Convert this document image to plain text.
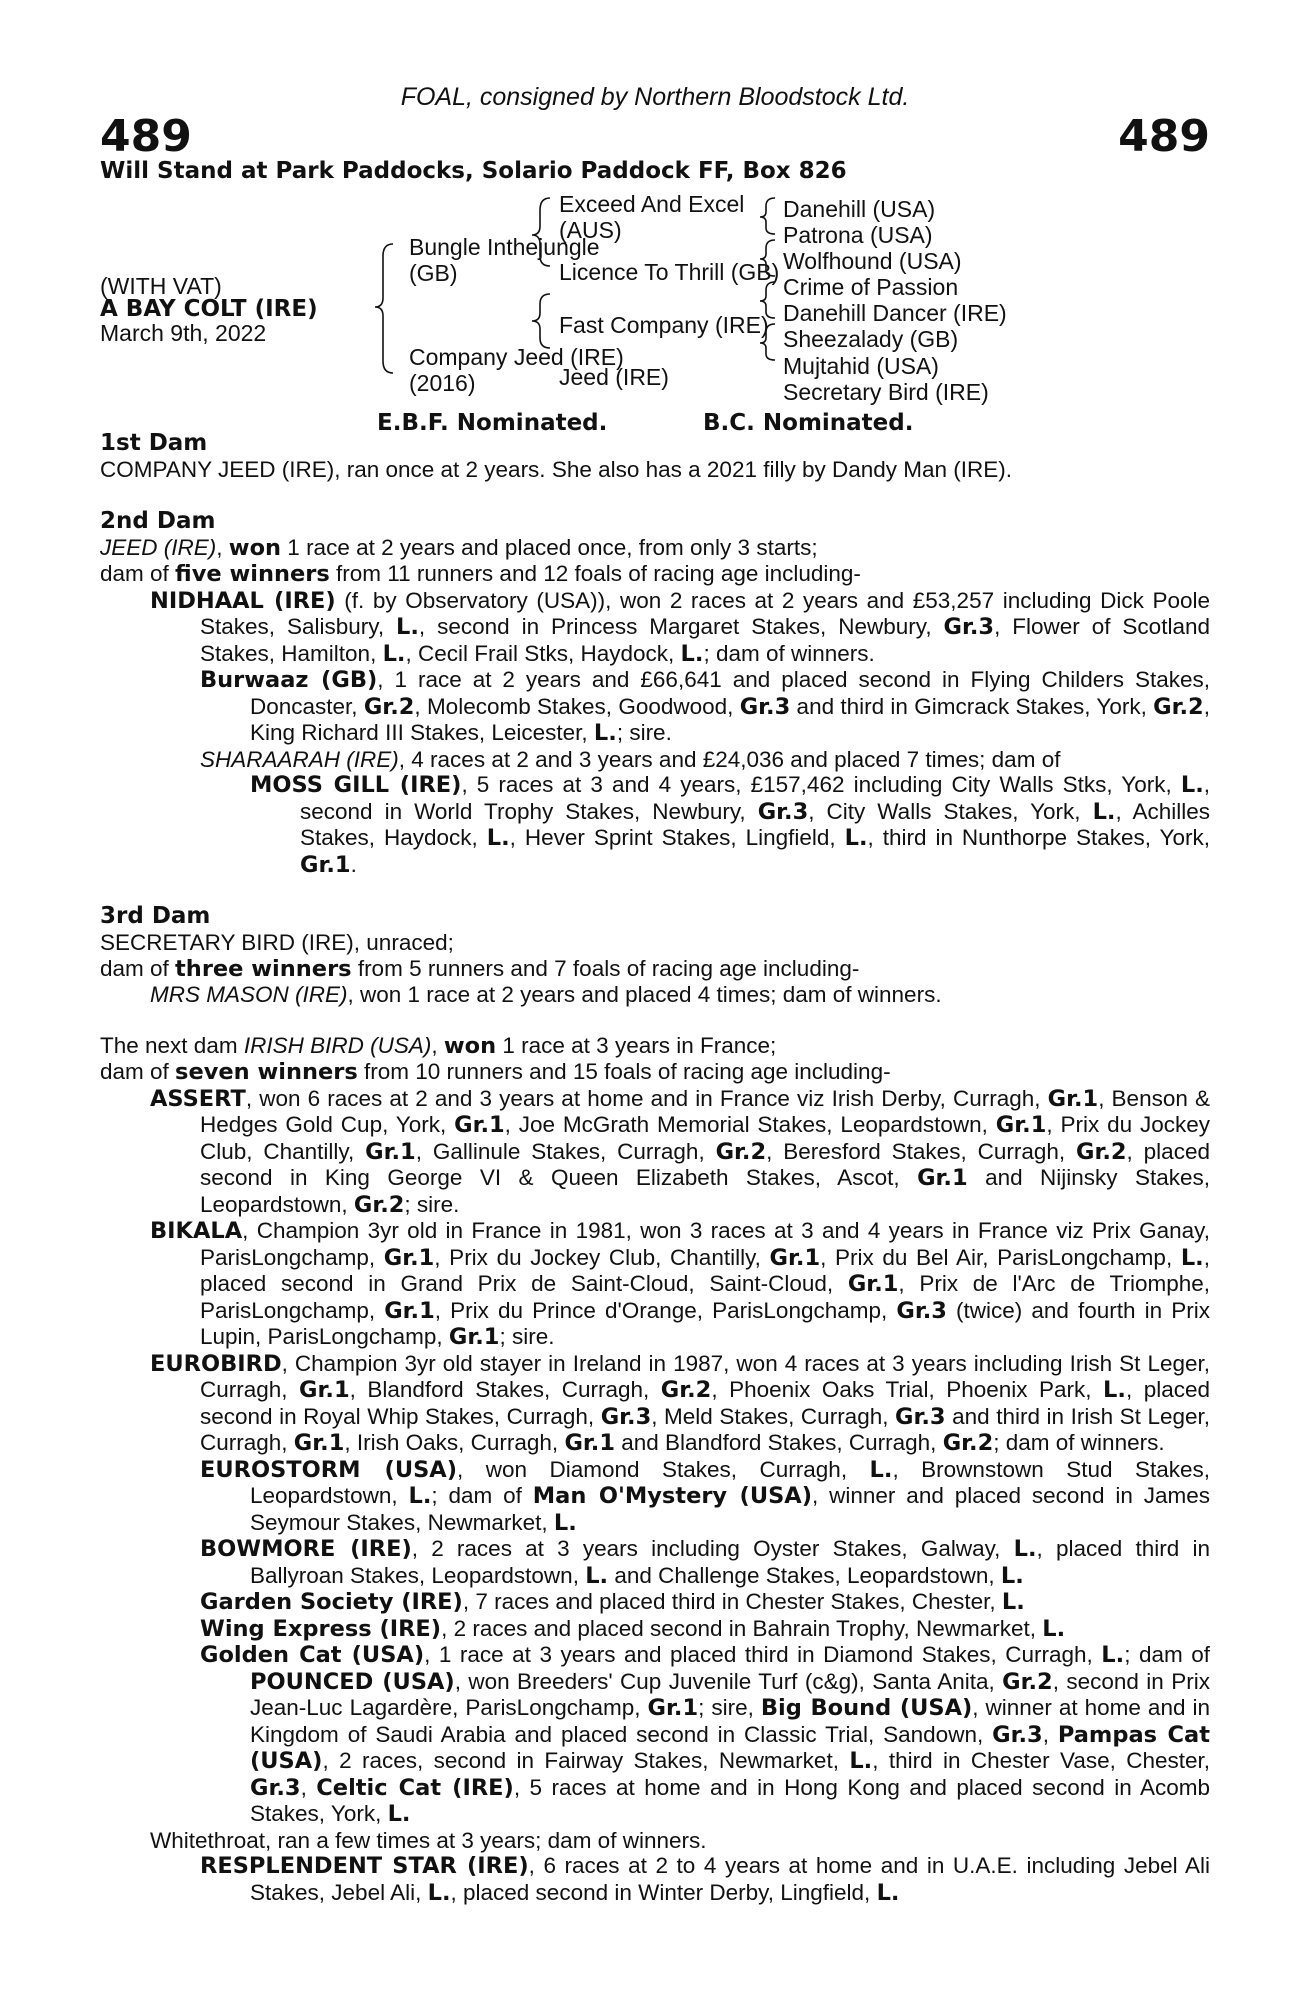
FOAL, consigned by Northern Bloodstock Ltd.
489	489
Will Stand at Park Paddocks, Solario Paddock FF, Box 826
(WITH VAT)
A BAY COLT (IRE)
March 9th, 2022
Bungle Inthejungle
(GB)
Company Jeed (IRE)
(2016)
Exceed And Excel
(AUS)
Licence To Thrill (GB)
Fast Company (IRE)
Jeed (IRE)
Danehill (USA)
Patrona (USA)
Wolfhound (USA)
Crime of Passion
Danehill Dancer (IRE)
Sheezalady (GB)
Mujtahid (USA)
Secretary Bird (IRE)
E.B.F. Nominated.	B.C. Nominated.
1st Dam
COMPANY JEED (IRE), ran once at 2 years. She also has a 2021 filly by Dandy Man (IRE).
2nd Dam
JEED (IRE), won 1 race at 2 years and placed once, from only 3 starts;
dam of five winners from 11 runners and 12 foals of racing age including-
NIDHAAL (IRE) (f. by Observatory (USA)), won 2 races at 2 years and £53,257 including Dick Poole Stakes, Salisbury, L., second in Princess Margaret Stakes, Newbury, Gr.3, Flower of Scotland Stakes, Hamilton, L., Cecil Frail Stks, Haydock, L.; dam of winners.
Burwaaz (GB), 1 race at 2 years and £66,641 and placed second in Flying Childers Stakes, Doncaster, Gr.2, Molecomb Stakes, Goodwood, Gr.3 and third in Gimcrack Stakes, York, Gr.2, King Richard III Stakes, Leicester, L.; sire.
SHARAARAH (IRE), 4 races at 2 and 3 years and £24,036 and placed 7 times; dam of
MOSS GILL (IRE), 5 races at 3 and 4 years, £157,462 including City Walls Stks, York, L., second in World Trophy Stakes, Newbury, Gr.3, City Walls Stakes, York, L., Achilles Stakes, Haydock, L., Hever Sprint Stakes, Lingfield, L., third in Nunthorpe Stakes, York, Gr.1.
3rd Dam
SECRETARY BIRD (IRE), unraced;
dam of three winners from 5 runners and 7 foals of racing age including-
MRS MASON (IRE), won 1 race at 2 years and placed 4 times; dam of winners.
The next dam IRISH BIRD (USA), won 1 race at 3 years in France;
dam of seven winners from 10 runners and 15 foals of racing age including-
ASSERT, won 6 races at 2 and 3 years at home and in France viz Irish Derby, Curragh, Gr.1, Benson & Hedges Gold Cup, York, Gr.1, Joe McGrath Memorial Stakes, Leopardstown, Gr.1, Prix du Jockey Club, Chantilly, Gr.1, Gallinule Stakes, Curragh, Gr.2, Beresford Stakes, Curragh, Gr.2, placed second in King George VI & Queen Elizabeth Stakes, Ascot, Gr.1 and Nijinsky Stakes, Leopardstown, Gr.2; sire.
BIKALA, Champion 3yr old in France in 1981, won 3 races at 3 and 4 years in France viz Prix Ganay, ParisLongchamp, Gr.1, Prix du Jockey Club, Chantilly, Gr.1, Prix du Bel Air, ParisLongchamp, L., placed second in Grand Prix de Saint-Cloud, Saint-Cloud, Gr.1, Prix de l'Arc de Triomphe, ParisLongchamp, Gr.1, Prix du Prince d'Orange, ParisLongchamp, Gr.3 (twice) and fourth in Prix Lupin, ParisLongchamp, Gr.1; sire.
EUROBIRD, Champion 3yr old stayer in Ireland in 1987, won 4 races at 3 years including Irish St Leger, Curragh, Gr.1, Blandford Stakes, Curragh, Gr.2, Phoenix Oaks Trial, Phoenix Park, L., placed second in Royal Whip Stakes, Curragh, Gr.3, Meld Stakes, Curragh, Gr.3 and third in Irish St Leger, Curragh, Gr.1, Irish Oaks, Curragh, Gr.1 and Blandford Stakes, Curragh, Gr.2; dam of winners.
EUROSTORM (USA), won Diamond Stakes, Curragh, L., Brownstown Stud Stakes, Leopardstown, L.; dam of Man O'Mystery (USA), winner and placed second in James Seymour Stakes, Newmarket, L.
BOWMORE (IRE), 2 races at 3 years including Oyster Stakes, Galway, L., placed third in Ballyroan Stakes, Leopardstown, L. and Challenge Stakes, Leopardstown, L.
Garden Society (IRE), 7 races and placed third in Chester Stakes, Chester, L.
Wing Express (IRE), 2 races and placed second in Bahrain Trophy, Newmarket, L.
Golden Cat (USA), 1 race at 3 years and placed third in Diamond Stakes, Curragh, L.; dam of POUNCED (USA), won Breeders' Cup Juvenile Turf (c&g), Santa Anita, Gr.2, second in Prix Jean-Luc Lagardère, ParisLongchamp, Gr.1; sire, Big Bound (USA), winner at home and in Kingdom of Saudi Arabia and placed second in Classic Trial, Sandown, Gr.3, Pampas Cat (USA), 2 races, second in Fairway Stakes, Newmarket, L., third in Chester Vase, Chester, Gr.3, Celtic Cat (IRE), 5 races at home and in Hong Kong and placed second in Acomb Stakes, York, L.
Whitethroat, ran a few times at 3 years; dam of winners.
RESPLENDENT STAR (IRE), 6 races at 2 to 4 years at home and in U.A.E. including Jebel Ali Stakes, Jebel Ali, L., placed second in Winter Derby, Lingfield, L.
